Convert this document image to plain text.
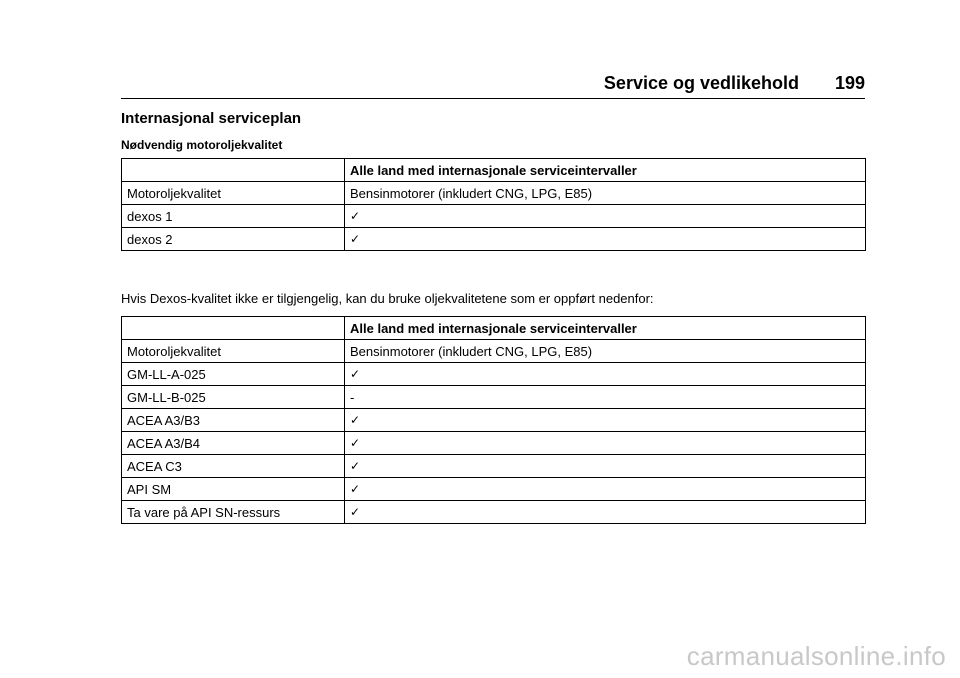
Service og vedlikehold 199
Internasjonal serviceplan
Nødvendig motoroljekvalitet
	Alle land med internasjonale serviceintervaller
Motoroljekvalitet	Bensinmotorer (inkludert CNG, LPG, E85)
dexos 1	✓
dexos 2	✓
Hvis Dexos-kvalitet ikke er tilgjengelig, kan du bruke oljekvalitetene som er oppført nedenfor:
	Alle land med internasjonale serviceintervaller
Motoroljekvalitet	Bensinmotorer (inkludert CNG, LPG, E85)
GM-LL-A-025	✓
GM-LL-B-025	-
ACEA A3/B3	✓
ACEA A3/B4	✓
ACEA C3	✓
API SM	✓
Ta vare på API SN-ressurs	✓
carmanualsonline.info
